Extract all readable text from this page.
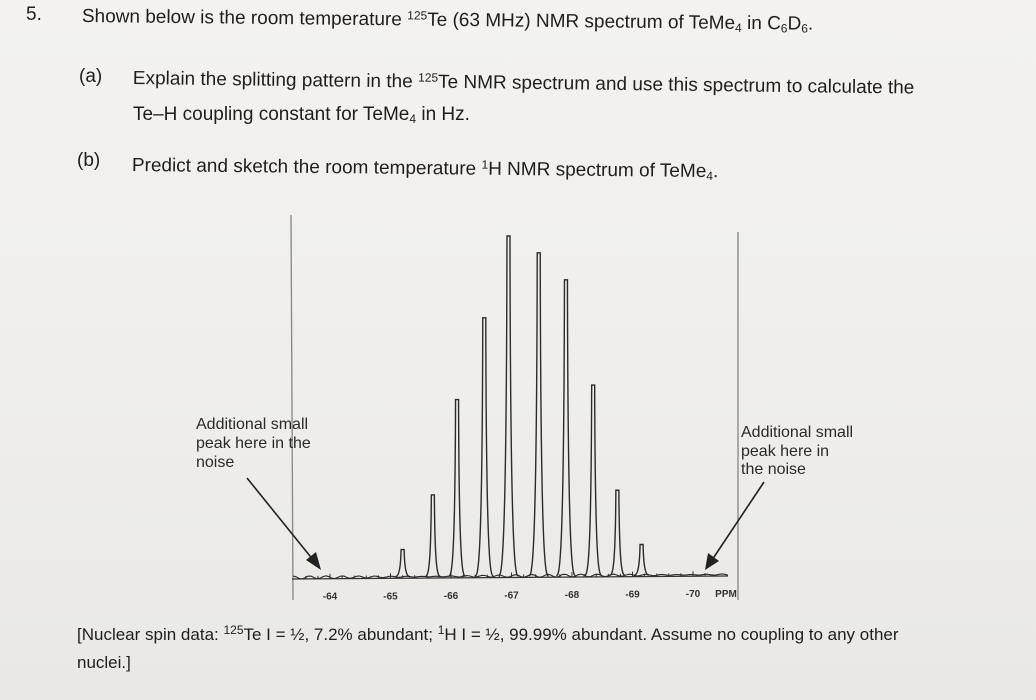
5. Shown below is the room temperature $^{125}$Te (63 MHz) NMR spectrum of TeMe$_4$ in $C_6D_6$.
(a) Explain the splitting pattern in the $^{125}$Te NMR spectrum and use this spectrum to calculate the
Te–H coupling constant for TeMe$_4$ in Hz.
(b) Predict and sketch the room temperature $^1$H NMR spectrum of TeMe$_4$.
-64	-65	-66	-67	-68	-69	-70 PPM
Additional small
peak here in the
noise
Additional small
peak here in
the noise
[Nuclear spin data: $^{125}$Te I = ½, 7.2% abundant; $^1$H I = ½, 99.99% abundant. Assume no coupling to any other
nuclei.]
